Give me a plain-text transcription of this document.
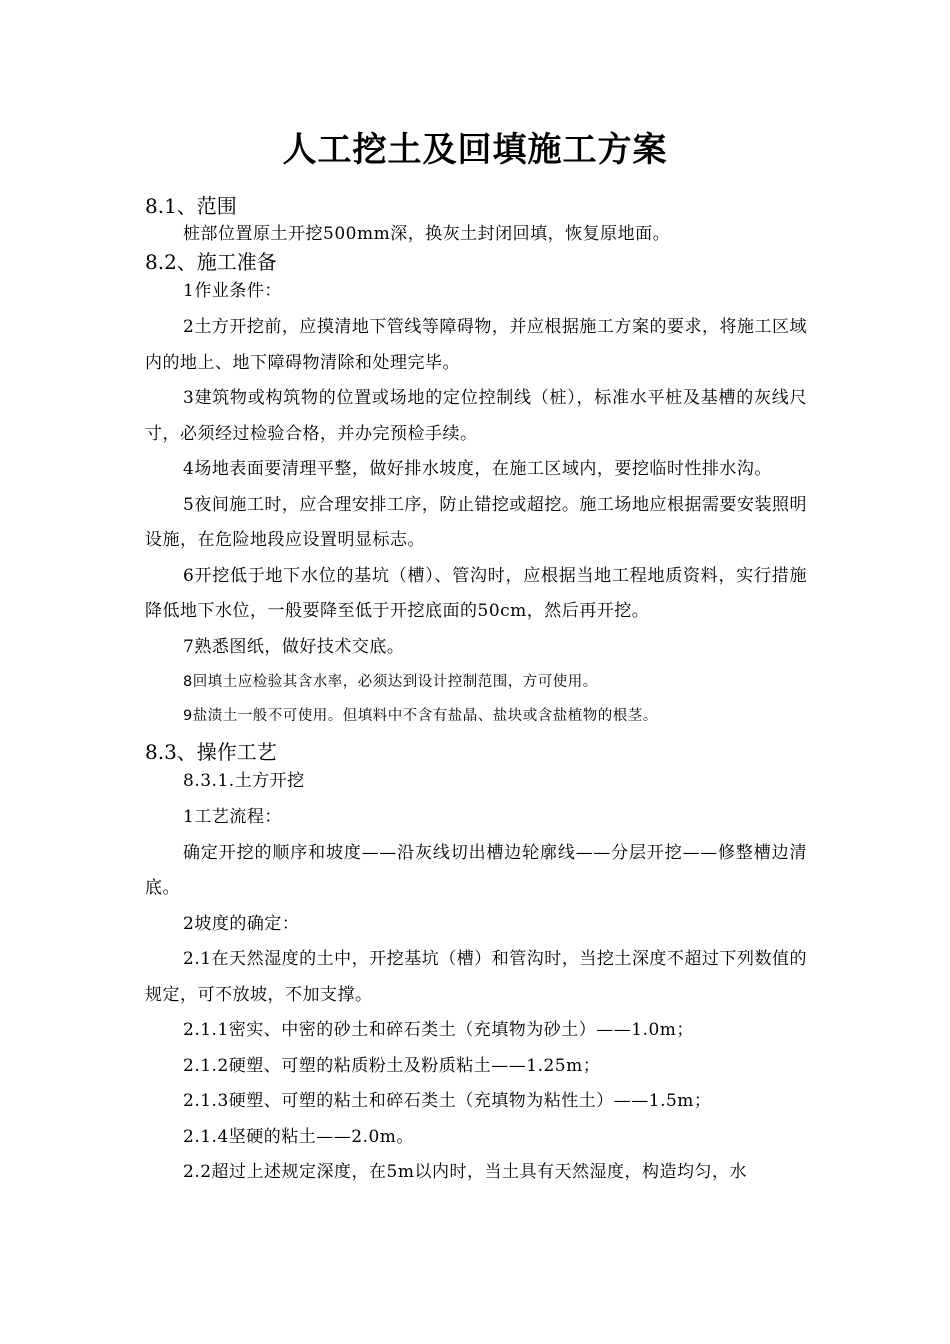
人工挖土及回填施工方案
8.1、范围
桩部位置原土开挖500mm深，换灰土封闭回填，恢复原地面。
8.2、施工准备
1作业条件：
2土方开挖前，应摸清地下管线等障碍物，并应根据施工方案的要求，将施工区域内的地上、地下障碍物清除和处理完毕。
3建筑物或构筑物的位置或场地的定位控制线（桩），标准水平桩及基槽的灰线尺寸，必须经过检验合格，并办完预检手续。
4场地表面要清理平整，做好排水坡度，在施工区域内，要挖临时性排水沟。
5夜间施工时，应合理安排工序，防止错挖或超挖。施工场地应根据需要安装照明设施，在危险地段应设置明显标志。
6开挖低于地下水位的基坑（槽）、管沟时，应根据当地工程地质资料，实行措施降低地下水位，一般要降至低于开挖底面的50cm，然后再开挖。
7熟悉图纸，做好技术交底。
8回填土应检验其含水率，必须达到设计控制范围，方可使用。
9盐渍土一般不可使用。但填料中不含有盐晶、盐块或含盐植物的根茎。
8.3、操作工艺
8.3.1.土方开挖
1工艺流程：
确定开挖的顺序和坡度——沿灰线切出槽边轮廓线——分层开挖——修整槽边清底。
2坡度的确定：
2.1在天然湿度的土中，开挖基坑（槽）和管沟时，当挖土深度不超过下列数值的规定，可不放坡，不加支撑。
2.1.1密实、中密的砂土和碎石类土（充填物为砂土）——1.0m；
2.1.2硬塑、可塑的粘质粉土及粉质粘土——1.25m；
2.1.3硬塑、可塑的粘土和碎石类土（充填物为粘性土）——1.5m；
2.1.4坚硬的粘土——2.0m。
2.2超过上述规定深度，在5m以内时，当土具有天然湿度，构造均匀，水
